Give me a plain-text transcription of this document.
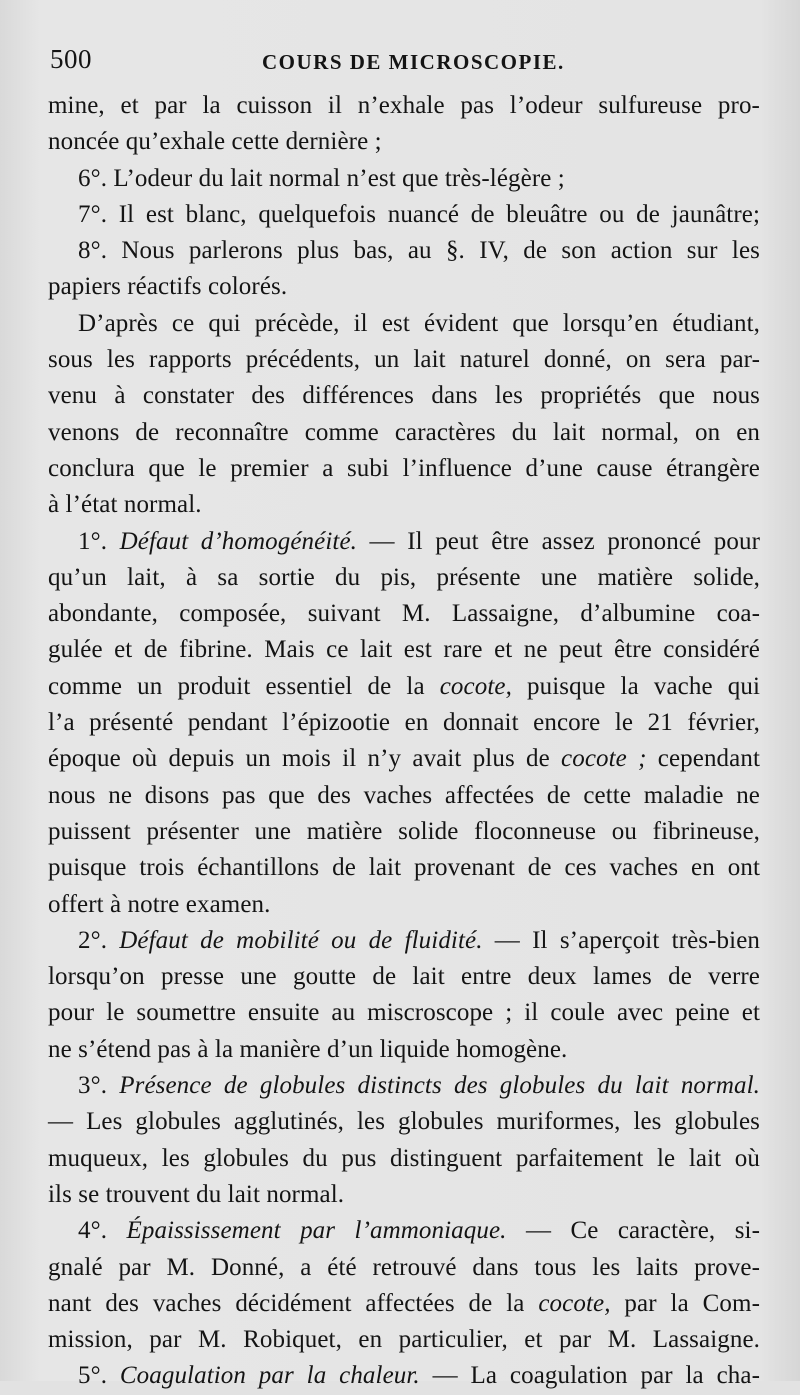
500	COURS DE MICROSCOPIE.
mine, et par la cuisson il n’exhale pas l’odeur sulfureuse pro-
noncée qu’exhale cette dernière ;
6°. L’odeur du lait normal n’est que très-légère ;
7°. Il est blanc, quelquefois nuancé de bleuâtre ou de jaunâtre;
8°. Nous parlerons plus bas, au §. IV, de son action sur les
papiers réactifs colorés.
D’après ce qui précède, il est évident que lorsqu’en étudiant,
sous les rapports précédents, un lait naturel donné, on sera par-
venu à constater des différences dans les propriétés que nous
venons de reconnaître comme caractères du lait normal, on en
conclura que le premier a subi l’influence d’une cause étrangère
à l’état normal.
1°. Défaut d’homogénéité. — Il peut être assez prononcé pour
qu’un lait, à sa sortie du pis, présente une matière solide,
abondante, composée, suivant M. Lassaigne, d’albumine coa-
gulée et de fibrine. Mais ce lait est rare et ne peut être considéré
comme un produit essentiel de la cocote, puisque la vache qui
l’a présenté pendant l’épizootie en donnait encore le 21 février,
époque où depuis un mois il n’y avait plus de cocote ; cependant
nous ne disons pas que des vaches affectées de cette maladie ne
puissent présenter une matière solide floconneuse ou fibrineuse,
puisque trois échantillons de lait provenant de ces vaches en ont
offert à notre examen.
2°. Défaut de mobilité ou de fluidité. — Il s’aperçoit très-bien
lorsqu’on presse une goutte de lait entre deux lames de verre
pour le soumettre ensuite au miscroscope ; il coule avec peine et
ne s’étend pas à la manière d’un liquide homogène.
3°. Présence de globules distincts des globules du lait normal.
— Les globules agglutinés, les globules muriformes, les globules
muqueux, les globules du pus distinguent parfaitement le lait où
ils se trouvent du lait normal.
4°. Épaississement par l’ammoniaque. — Ce caractère, si-
gnalé par M. Donné, a été retrouvé dans tous les laits prove-
nant des vaches décidément affectées de la cocote, par la Com-
mission, par M. Robiquet, en particulier, et par M. Lassaigne.
5°. Coagulation par la chaleur. — La coagulation par la cha-
